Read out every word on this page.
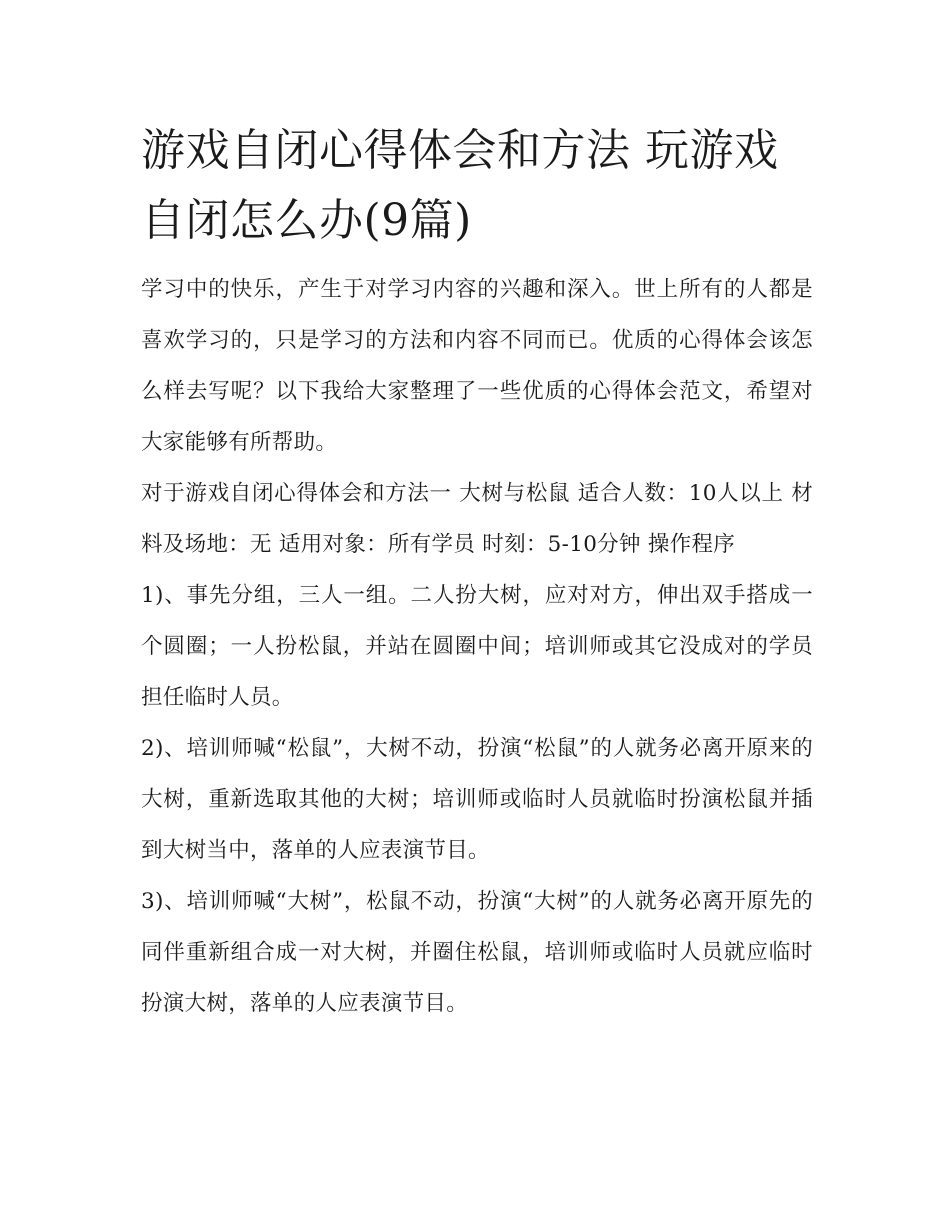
游戏自闭心得体会和方法 玩游戏自闭怎么办(9篇)

学习中的快乐，产生于对学习内容的兴趣和深入。世上所有的人都是喜欢学习的，只是学习的方法和内容不同而已。优质的心得体会该怎么样去写呢？以下我给大家整理了一些优质的心得体会范文，希望对大家能够有所帮助。

对于游戏自闭心得体会和方法一 大树与松鼠 适合人数：10人以上 材料及场地：无 适用对象：所有学员 时刻：5-10分钟 操作程序

1)、事先分组，三人一组。二人扮大树，应对对方，伸出双手搭成一个圆圈；一人扮松鼠，并站在圆圈中间；培训师或其它没成对的学员担任临时人员。

2)、培训师喊“松鼠”，大树不动，扮演“松鼠”的人就务必离开原来的大树，重新选取其他的大树；培训师或临时人员就临时扮演松鼠并插到大树当中，落单的人应表演节目。

3)、培训师喊“大树”，松鼠不动，扮演“大树”的人就务必离开原先的同伴重新组合成一对大树，并圈住松鼠，培训师或临时人员就应临时扮演大树，落单的人应表演节目。
